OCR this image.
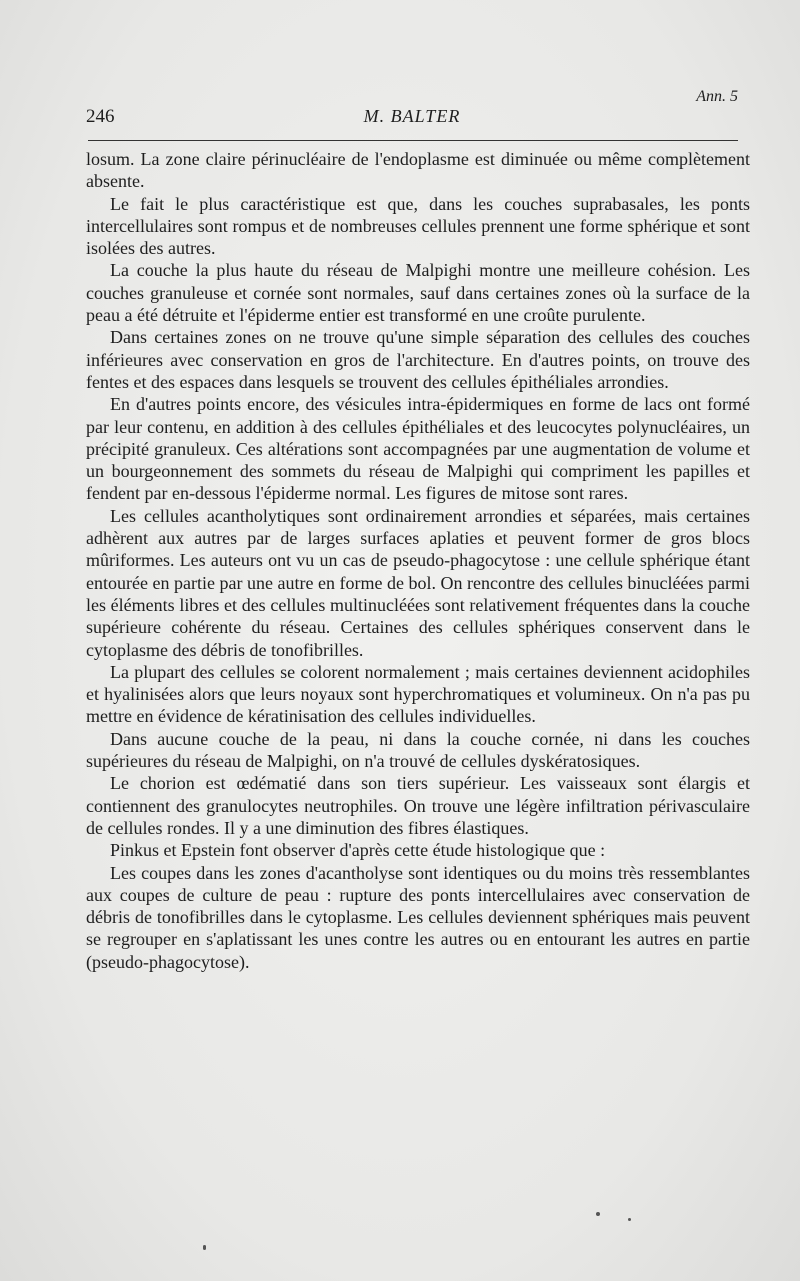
246	M. BALTER
Ann. 5

losum. La zone claire périnucléaire de l'endoplasme est diminuée ou même complètement absente.

Le fait le plus caractéristique est que, dans les couches suprabasales, les ponts intercellulaires sont rompus et de nombreuses cellules prennent une forme sphérique et sont isolées des autres.

La couche la plus haute du réseau de Malpighi montre une meilleure cohésion. Les couches granuleuse et cornée sont normales, sauf dans certaines zones où la surface de la peau a été détruite et l'épiderme entier est transformé en une croûte purulente.

Dans certaines zones on ne trouve qu'une simple séparation des cellules des couches inférieures avec conservation en gros de l'architecture. En d'autres points, on trouve des fentes et des espaces dans lesquels se trouvent des cellules épithéliales arrondies.

En d'autres points encore, des vésicules intra-épidermiques en forme de lacs ont formé par leur contenu, en addition à des cellules épithéliales et des leucocytes polynucléaires, un précipité granuleux. Ces altérations sont accompagnées par une augmentation de volume et un bourgeonnement des sommets du réseau de Malpighi qui compriment les papilles et fendent par en-dessous l'épiderme normal. Les figures de mitose sont rares.

Les cellules acantholytiques sont ordinairement arrondies et séparées, mais certaines adhèrent aux autres par de larges surfaces aplaties et peuvent former de gros blocs mûriformes. Les auteurs ont vu un cas de pseudo-phagocytose : une cellule sphérique étant entourée en partie par une autre en forme de bol. On rencontre des cellules binucléées parmi les éléments libres et des cellules multinucléées sont relativement fréquentes dans la couche supérieure cohérente du réseau. Certaines des cellules sphériques conservent dans le cytoplasme des débris de tonofibrilles.

La plupart des cellules se colorent normalement ; mais certaines deviennent acidophiles et hyalinisées alors que leurs noyaux sont hyperchromatiques et volumineux. On n'a pas pu mettre en évidence de kératinisation des cellules individuelles.

Dans aucune couche de la peau, ni dans la couche cornée, ni dans les couches supérieures du réseau de Malpighi, on n'a trouvé de cellules dyskératosiques.

Le chorion est œdématié dans son tiers supérieur. Les vaisseaux sont élargis et contiennent des granulocytes neutrophiles. On trouve une légère infiltration périvasculaire de cellules rondes. Il y a une diminution des fibres élastiques.

Pinkus et Epstein font observer d'après cette étude histologique que :

Les coupes dans les zones d'acantholyse sont identiques ou du moins très ressemblantes aux coupes de culture de peau : rupture des ponts intercellulaires avec conservation de débris de tonofibrilles dans le cytoplasme. Les cellules deviennent sphériques mais peuvent se regrouper en s'aplatissant les unes contre les autres ou en entourant les autres en partie (pseudo-phagocytose).
